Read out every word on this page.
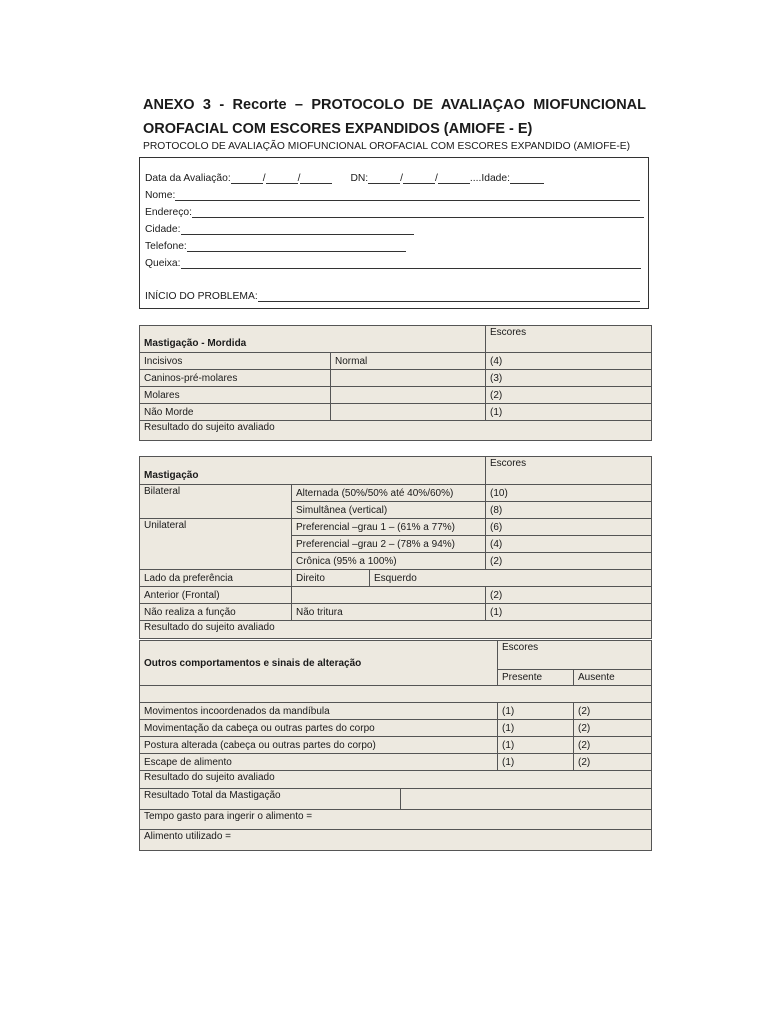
ANEXO 3 - Recorte – PROTOCOLO DE AVALIAÇAO MIOFUNCIONAL
OROFACIAL COM ESCORES EXPANDIDOS (AMIOFE - E)
PROTOCOLO DE AVALIAÇÃO MIOFUNCIONAL OROFACIAL COM ESCORES EXPANDIDO (AMIOFE-E)
Data da Avaliação:	/	/	DN:	/	/	....Idade:
Nome:
Endereço:
Cidade:
Telefone:
Queixa:
INÍCIO DO PROBLEMA:
Mastigação - Mordida		Escores
Incisivos	Normal	(4)
Caninos-pré-molares		(3)
Molares		(2)
Não Morde		(1)
Resultado do sujeito avaliado		
Mastigação			Escores
Bilateral	Alternada (50%/50% até 40%/60%)		(10)
	Simultânea (vertical)		(8)
Unilateral	Preferencial –grau 1 – (61% a 77%)		(6)
	Preferencial –grau 2 – (78% a 94%)		(4)
	Crônica (95% a 100%)		(2)
Lado da preferência	Direito	Esquerdo	
Anterior (Frontal)			(2)
Não realiza a função	Não tritura		(1)
Resultado do sujeito avaliado			
Outros comportamentos e sinais de alteração		Escores	
		Presente	Ausente

Movimentos incoordenados da mandíbula		(1)	(2)
Movimentação da cabeça ou outras partes do corpo		(1)	(2)
Postura alterada (cabeça ou outras partes do corpo)		(1)	(2)
Escape de alimento		(1)	(2)
Resultado do sujeito avaliado			
Resultado Total da Mastigação			
Tempo gasto para ingerir o alimento =			
Alimento utilizado =			
